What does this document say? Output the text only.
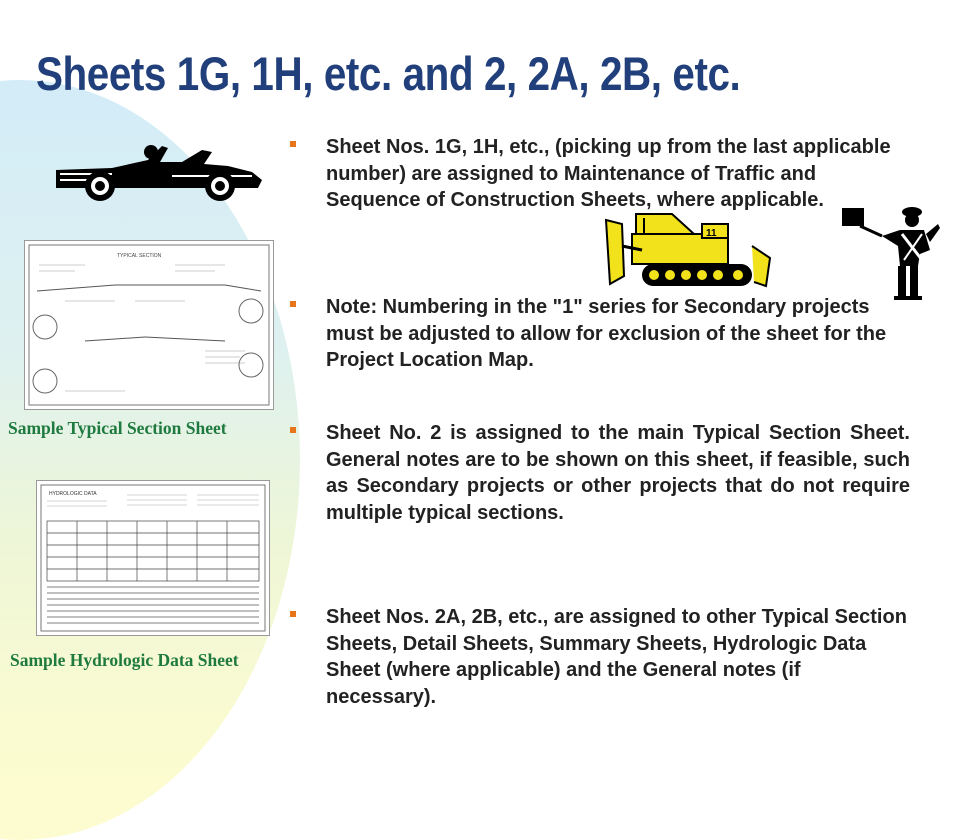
Sheets 1G, 1H, etc. and 2, 2A, 2B, etc.
TYPICAL SECTION
Sample Typical Section Sheet
HYDROLOGIC DATA
Sample Hydrologic Data Sheet
11
Sheet Nos. 1G, 1H, etc., (picking up from the last applicable number) are assigned to Maintenance of Traffic and Sequence of Construction Sheets, where applicable.
Note: Numbering in the "1" series for Secondary projects must be adjusted to allow for exclusion of the sheet for the Project Location Map.
Sheet No. 2 is assigned to the main Typical Section Sheet. General notes are to be shown on this sheet, if feasible, such as Secondary projects or other projects that do not require multiple typical sections.
Sheet Nos. 2A, 2B, etc., are assigned to other Typical Section Sheets, Detail Sheets, Summary Sheets, Hydrologic Data Sheet (where applicable) and the General notes (if necessary).
